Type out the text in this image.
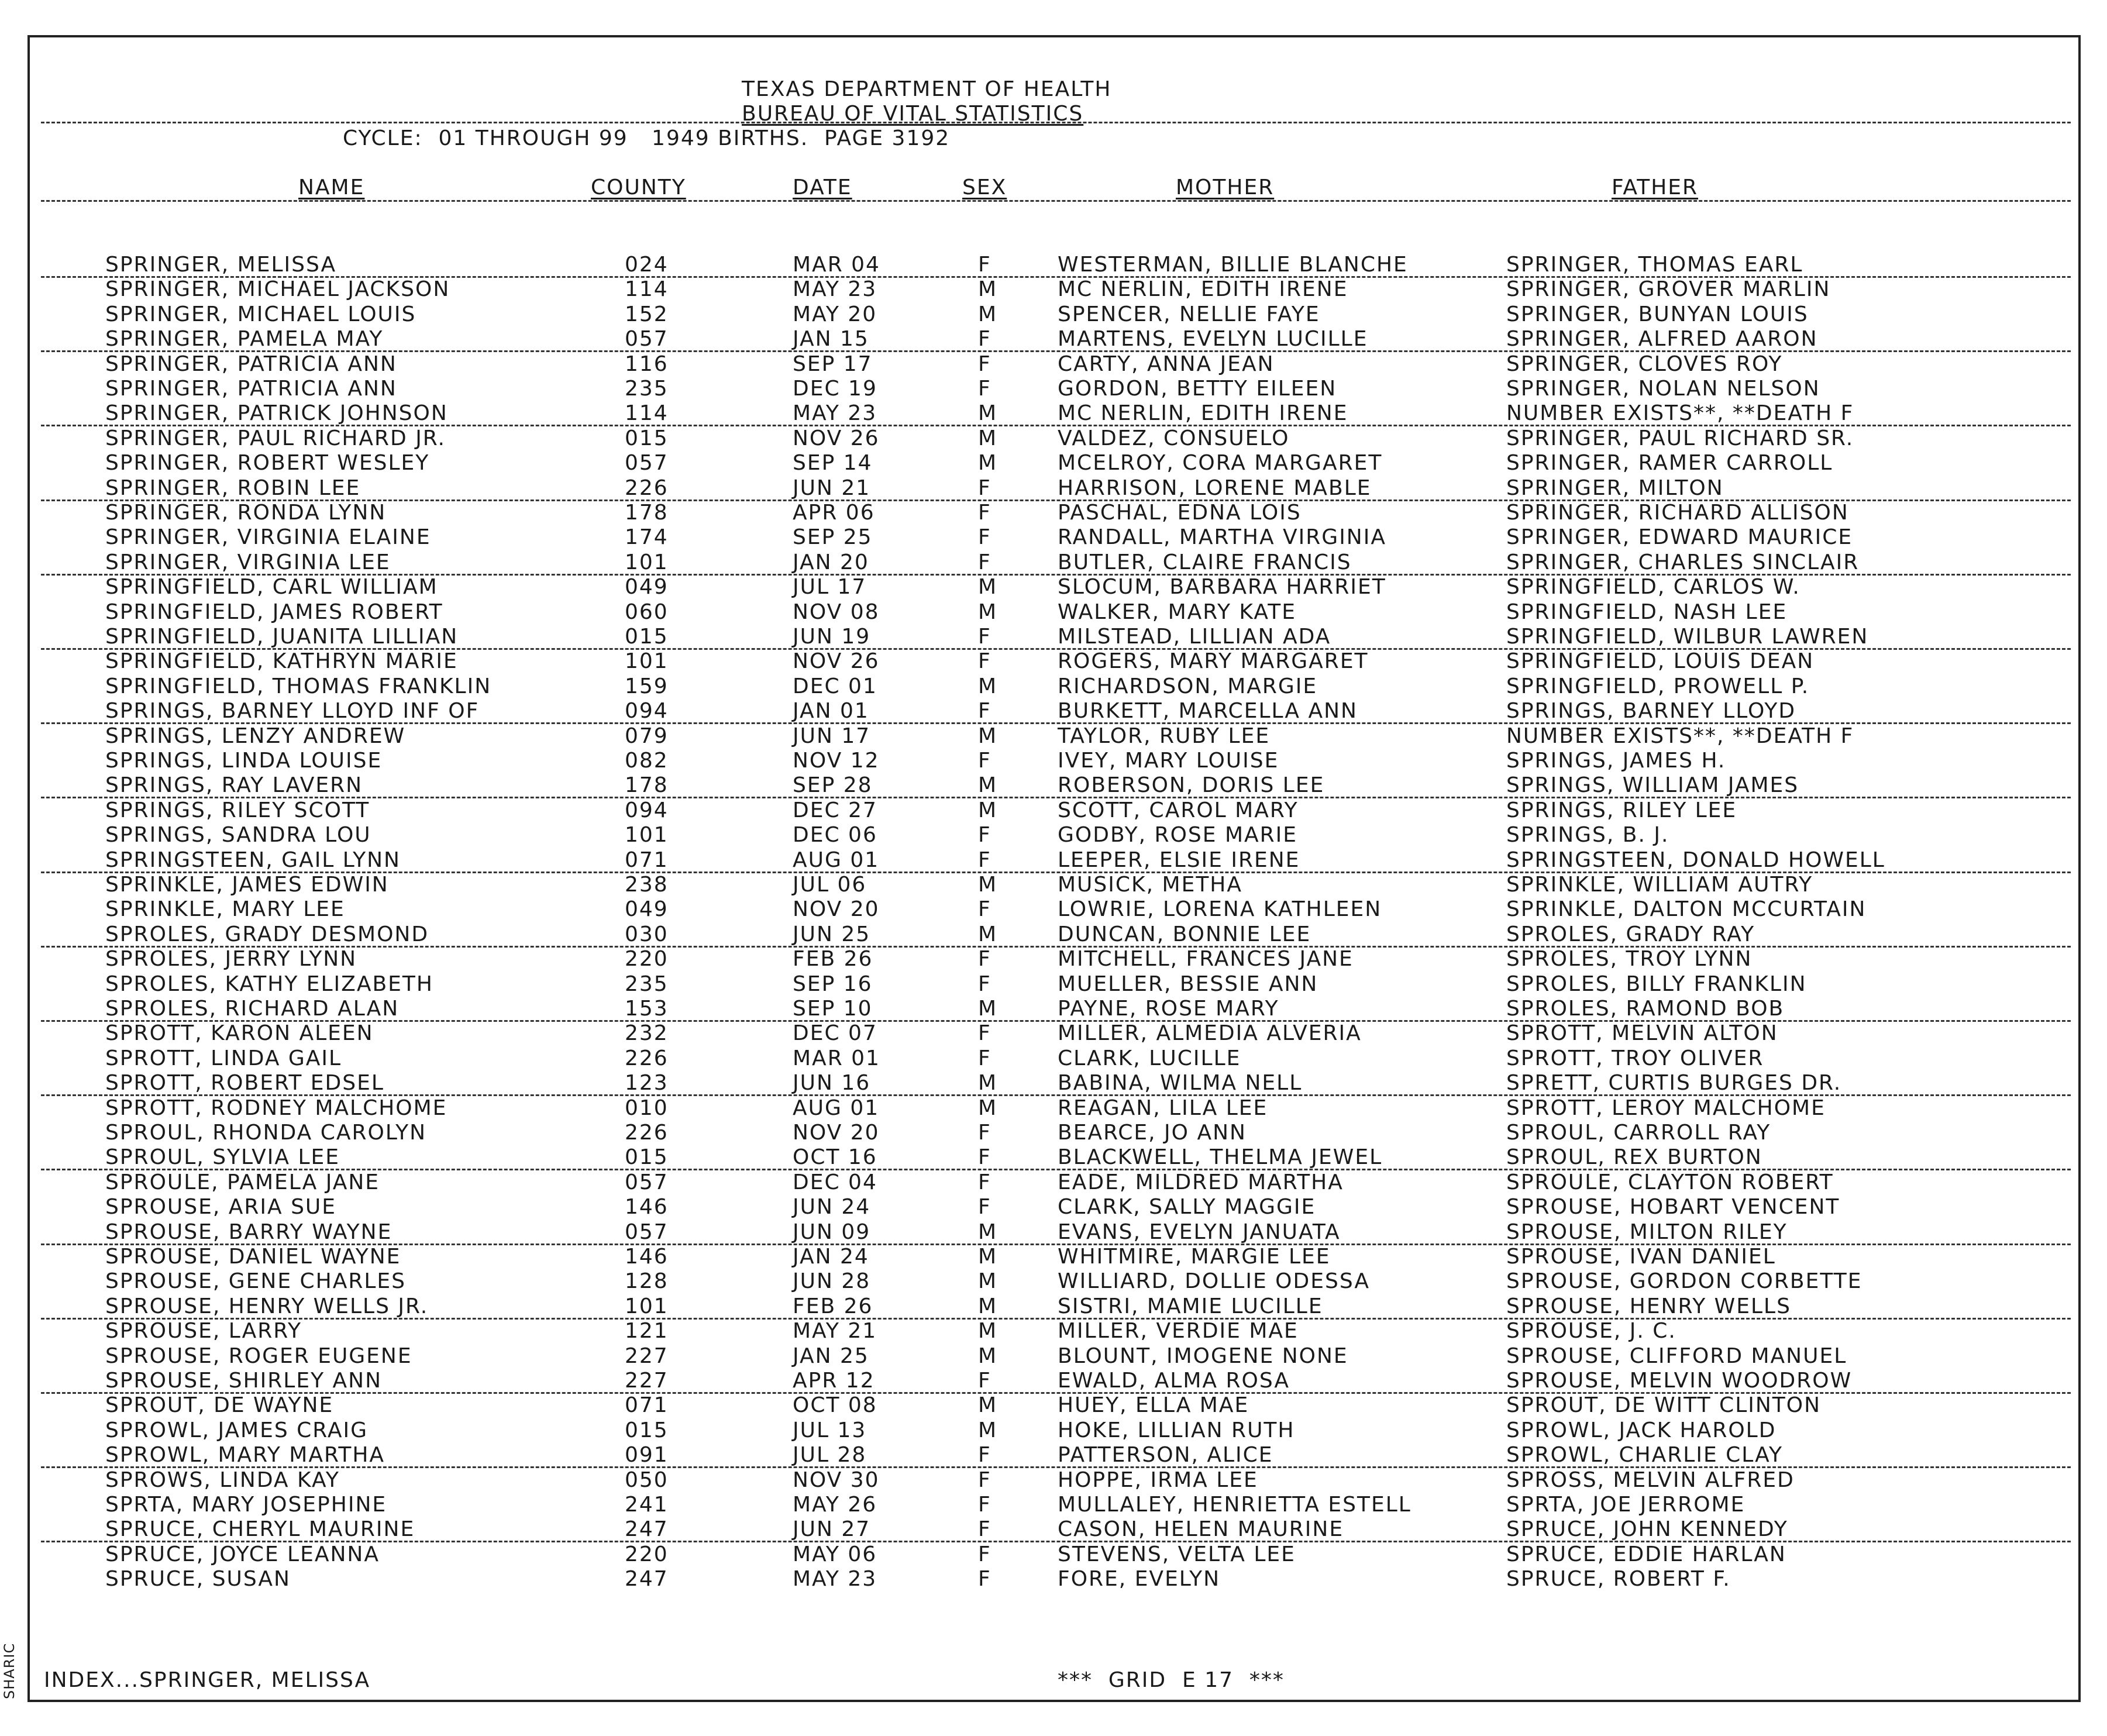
TEXAS DEPARTMENT OF HEALTH
BUREAU OF VITAL STATISTICS
CYCLE:  01 THROUGH 99   1949 BIRTHS.  PAGE 3192
NAME	COUNTY	DATE	SEX	MOTHER	FATHER
SPRINGER, MELISSA	024	MAR 04	F	WESTERMAN, BILLIE BLANCHE	SPRINGER, THOMAS EARL
SPRINGER, MICHAEL JACKSON	114	MAY 23	M	MC NERLIN, EDITH IRENE	SPRINGER, GROVER MARLIN
SPRINGER, MICHAEL LOUIS	152	MAY 20	M	SPENCER, NELLIE FAYE	SPRINGER, BUNYAN LOUIS
SPRINGER, PAMELA MAY	057	JAN 15	F	MARTENS, EVELYN LUCILLE	SPRINGER, ALFRED AARON
SPRINGER, PATRICIA ANN	116	SEP 17	F	CARTY, ANNA JEAN	SPRINGER, CLOVES ROY
SPRINGER, PATRICIA ANN	235	DEC 19	F	GORDON, BETTY EILEEN	SPRINGER, NOLAN NELSON
SPRINGER, PATRICK JOHNSON	114	MAY 23	M	MC NERLIN, EDITH IRENE	NUMBER EXISTS**, **DEATH F
SPRINGER, PAUL RICHARD JR.	015	NOV 26	M	VALDEZ, CONSUELO	SPRINGER, PAUL RICHARD SR.
SPRINGER, ROBERT WESLEY	057	SEP 14	M	MCELROY, CORA MARGARET	SPRINGER, RAMER CARROLL
SPRINGER, ROBIN LEE	226	JUN 21	F	HARRISON, LORENE MABLE	SPRINGER, MILTON
SPRINGER, RONDA LYNN	178	APR 06	F	PASCHAL, EDNA LOIS	SPRINGER, RICHARD ALLISON
SPRINGER, VIRGINIA ELAINE	174	SEP 25	F	RANDALL, MARTHA VIRGINIA	SPRINGER, EDWARD MAURICE
SPRINGER, VIRGINIA LEE	101	JAN 20	F	BUTLER, CLAIRE FRANCIS	SPRINGER, CHARLES SINCLAIR
SPRINGFIELD, CARL WILLIAM	049	JUL 17	M	SLOCUM, BARBARA HARRIET	SPRINGFIELD, CARLOS W.
SPRINGFIELD, JAMES ROBERT	060	NOV 08	M	WALKER, MARY KATE	SPRINGFIELD, NASH LEE
SPRINGFIELD, JUANITA LILLIAN	015	JUN 19	F	MILSTEAD, LILLIAN ADA	SPRINGFIELD, WILBUR LAWREN
SPRINGFIELD, KATHRYN MARIE	101	NOV 26	F	ROGERS, MARY MARGARET	SPRINGFIELD, LOUIS DEAN
SPRINGFIELD, THOMAS FRANKLIN	159	DEC 01	M	RICHARDSON, MARGIE	SPRINGFIELD, PROWELL P.
SPRINGS, BARNEY LLOYD INF OF	094	JAN 01	F	BURKETT, MARCELLA ANN	SPRINGS, BARNEY LLOYD
SPRINGS, LENZY ANDREW	079	JUN 17	M	TAYLOR, RUBY LEE	NUMBER EXISTS**, **DEATH F
SPRINGS, LINDA LOUISE	082	NOV 12	F	IVEY, MARY LOUISE	SPRINGS, JAMES H.
SPRINGS, RAY LAVERN	178	SEP 28	M	ROBERSON, DORIS LEE	SPRINGS, WILLIAM JAMES
SPRINGS, RILEY SCOTT	094	DEC 27	M	SCOTT, CAROL MARY	SPRINGS, RILEY LEE
SPRINGS, SANDRA LOU	101	DEC 06	F	GODBY, ROSE MARIE	SPRINGS, B. J.
SPRINGSTEEN, GAIL LYNN	071	AUG 01	F	LEEPER, ELSIE IRENE	SPRINGSTEEN, DONALD HOWELL
SPRINKLE, JAMES EDWIN	238	JUL 06	M	MUSICK, METHA	SPRINKLE, WILLIAM AUTRY
SPRINKLE, MARY LEE	049	NOV 20	F	LOWRIE, LORENA KATHLEEN	SPRINKLE, DALTON MCCURTAIN
SPROLES, GRADY DESMOND	030	JUN 25	M	DUNCAN, BONNIE LEE	SPROLES, GRADY RAY
SPROLES, JERRY LYNN	220	FEB 26	F	MITCHELL, FRANCES JANE	SPROLES, TROY LYNN
SPROLES, KATHY ELIZABETH	235	SEP 16	F	MUELLER, BESSIE ANN	SPROLES, BILLY FRANKLIN
SPROLES, RICHARD ALAN	153	SEP 10	M	PAYNE, ROSE MARY	SPROLES, RAMOND BOB
SPROTT, KARON ALEEN	232	DEC 07	F	MILLER, ALMEDIA ALVERIA	SPROTT, MELVIN ALTON
SPROTT, LINDA GAIL	226	MAR 01	F	CLARK, LUCILLE	SPROTT, TROY OLIVER
SPROTT, ROBERT EDSEL	123	JUN 16	M	BABINA, WILMA NELL	SPRETT, CURTIS BURGES DR.
SPROTT, RODNEY MALCHOME	010	AUG 01	M	REAGAN, LILA LEE	SPROTT, LEROY MALCHOME
SPROUL, RHONDA CAROLYN	226	NOV 20	F	BEARCE, JO ANN	SPROUL, CARROLL RAY
SPROUL, SYLVIA LEE	015	OCT 16	F	BLACKWELL, THELMA JEWEL	SPROUL, REX BURTON
SPROULE, PAMELA JANE	057	DEC 04	F	EADE, MILDRED MARTHA	SPROULE, CLAYTON ROBERT
SPROUSE, ARIA SUE	146	JUN 24	F	CLARK, SALLY MAGGIE	SPROUSE, HOBART VENCENT
SPROUSE, BARRY WAYNE	057	JUN 09	M	EVANS, EVELYN JANUATA	SPROUSE, MILTON RILEY
SPROUSE, DANIEL WAYNE	146	JAN 24	M	WHITMIRE, MARGIE LEE	SPROUSE, IVAN DANIEL
SPROUSE, GENE CHARLES	128	JUN 28	M	WILLIARD, DOLLIE ODESSA	SPROUSE, GORDON CORBETTE
SPROUSE, HENRY WELLS JR.	101	FEB 26	M	SISTRI, MAMIE LUCILLE	SPROUSE, HENRY WELLS
SPROUSE, LARRY	121	MAY 21	M	MILLER, VERDIE MAE	SPROUSE, J. C.
SPROUSE, ROGER EUGENE	227	JAN 25	M	BLOUNT, IMOGENE NONE	SPROUSE, CLIFFORD MANUEL
SPROUSE, SHIRLEY ANN	227	APR 12	F	EWALD, ALMA ROSA	SPROUSE, MELVIN WOODROW
SPROUT, DE WAYNE	071	OCT 08	M	HUEY, ELLA MAE	SPROUT, DE WITT CLINTON
SPROWL, JAMES CRAIG	015	JUL 13	M	HOKE, LILLIAN RUTH	SPROWL, JACK HAROLD
SPROWL, MARY MARTHA	091	JUL 28	F	PATTERSON, ALICE	SPROWL, CHARLIE CLAY
SPROWS, LINDA KAY	050	NOV 30	F	HOPPE, IRMA LEE	SPROSS, MELVIN ALFRED
SPRTA, MARY JOSEPHINE	241	MAY 26	F	MULLALEY, HENRIETTA ESTELL	SPRTA, JOE JERROME
SPRUCE, CHERYL MAURINE	247	JUN 27	F	CASON, HELEN MAURINE	SPRUCE, JOHN KENNEDY
SPRUCE, JOYCE LEANNA	220	MAY 06	F	STEVENS, VELTA LEE	SPRUCE, EDDIE HARLAN
SPRUCE, SUSAN	247	MAY 23	F	FORE, EVELYN	SPRUCE, ROBERT F.
INDEX...SPRINGER, MELISSA	***  GRID  E 17  ***
SHARIC
